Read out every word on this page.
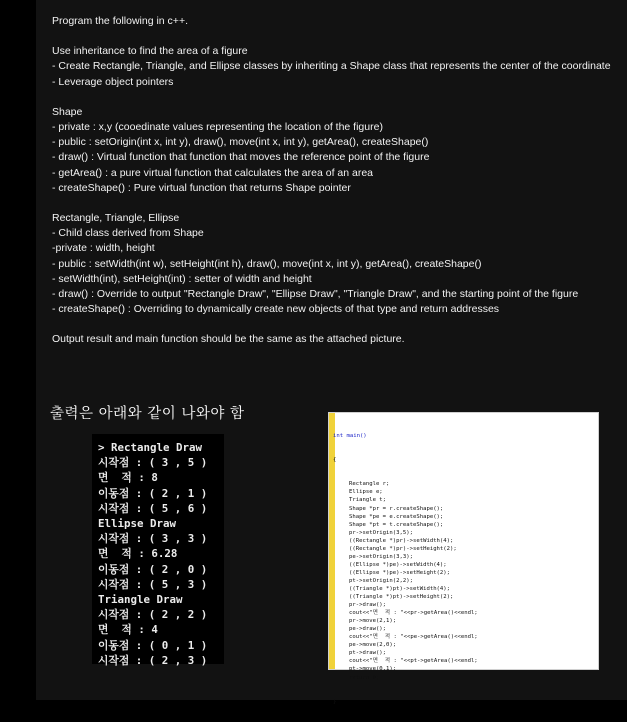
Program the following in c++.

Use inheritance to find the area of a figure

- Create Rectangle, Triangle, and Ellipse classes by inheriting a Shape class that represents the center of the coordinate

- Leverage object pointers

Shape

- private : x,y (cooedinate values representing the location of the figure)

- public : setOrigin(int x, int y), draw(), move(int x, int y), getArea(), createShape()

- draw() : Virtual function that function that moves the reference point of the figure

- getArea() : a pure virtual function that calculates the area of an area

- createShape() : Pure virtual function that returns Shape pointer

Rectangle, Triangle, Ellipse

- Child class derived from Shape

-private : width, height

- public : setWidth(int w), setHeight(int h), draw(), move(int x, int y), getArea(), createShape()

- setWidth(int), setHeight(int) : setter of width and height

- draw() : Override to output "Rectangle Draw", "Ellipse Draw", "Triangle Draw", and the starting point of the figure

- createShape() : Overriding to dynamically create new objects of that type and return addresses

Output result and main function should be the same as the attached picture.

출력은 아래와 같이 나와야 함
> Rectangle Draw
시작점 : ( 3 , 5 )
면  적 : 8
이동점 : ( 2 , 1 )
시작점 : ( 5 , 6 )
Ellipse Draw
시작점 : ( 3 , 3 )
면  적 : 6.28
이동점 : ( 2 , 0 )
시작점 : ( 5 , 3 )
Triangle Draw
시작점 : ( 2 , 2 )
면  적 : 4
이동점 : ( 0 , 1 )
시작점 : ( 2 , 3 )

int main()

{

Rectangle r;
Ellipse e;
Triangle t;
Shape *pr = r.createShape();
Shape *pe = e.createShape();
Shape *pt = t.createShape();
pr->setOrigin(3,5);
((Rectangle *)pr)->setWidth(4);
((Rectangle *)pr)->setHeight(2);
pe->setOrigin(3,3);
((Ellipse *)pe)->setWidth(4);
((Ellipse *)pe)->setHeight(2);
pt->setOrigin(2,2);
((Triangle *)pt)->setWidth(4);
((Triangle *)pt)->setHeight(2);
pr->draw();
cout<<"면  적 : "<<pr->getArea()<<endl;
pr->move(2,1);
pe->draw();
cout<<"면  적 : "<<pe->getArea()<<endl;
pe->move(2,0);
pt->draw();
cout<<"면  적 : "<<pt->getArea()<<endl;
pt->move(0,1);
return 0;

}
